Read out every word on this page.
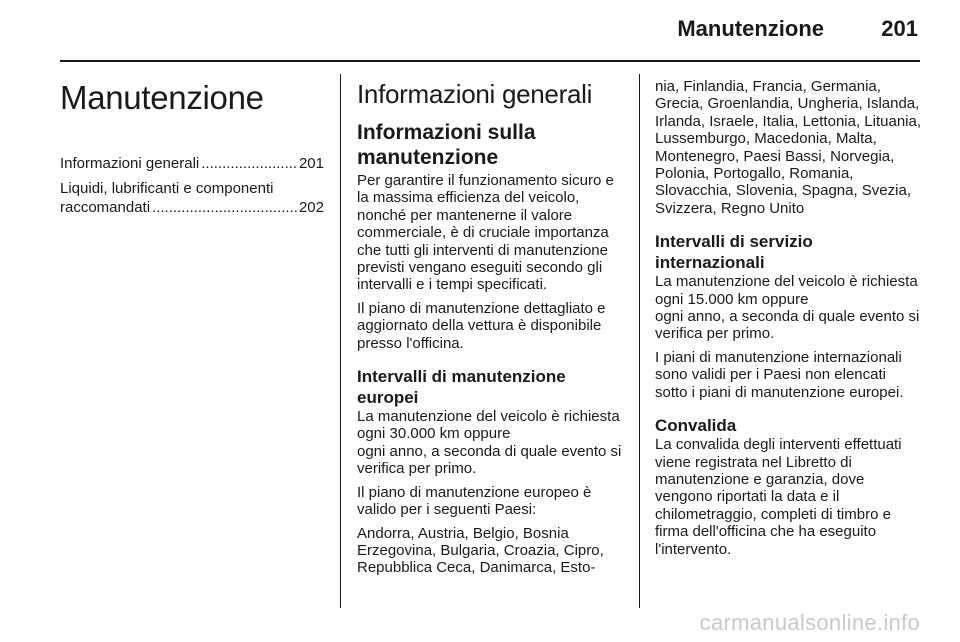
Manutenzione	201
Manutenzione
Informazioni generali .....	201
Liquidi, lubrificanti e componenti
raccomandati .....	202
Informazioni generali
Informazioni sulla manutenzione

Per garantire il funzionamento sicuro e la massima efficienza del veicolo, nonché per mantenerne il valore commerciale, è di cruciale importanza che tutti gli interventi di manutenzione previsti vengano eseguiti secondo gli intervalli e i tempi specificati.

Il piano di manutenzione dettagliato e aggiornato della vettura è disponibile presso l'officina.

Intervalli di manutenzione europei

La manutenzione del veicolo è richiesta ogni 30.000 km oppure

ogni anno, a seconda di quale evento si verifica per primo.

Il piano di manutenzione europeo è valido per i seguenti Paesi:

Andorra, Austria, Belgio, Bosnia Erzegovina, Bulgaria, Croazia, Cipro, Repubblica Ceca, Danimarca, Esto-

nia, Finlandia, Francia, Germania, Grecia, Groenlandia, Ungheria, Islanda, Irlanda, Israele, Italia, Lettonia, Lituania, Lussemburgo, Macedonia, Malta, Montenegro, Paesi Bassi, Norvegia, Polonia, Portogallo, Romania, Slovacchia, Slovenia, Spagna, Svezia, Svizzera, Regno Unito

Intervalli di servizio internazionali

La manutenzione del veicolo è richiesta ogni 15.000 km oppure

ogni anno, a seconda di quale evento si verifica per primo.

I piani di manutenzione internazionali sono validi per i Paesi non elencati sotto i piani di manutenzione europei.

Convalida

La convalida degli interventi effettuati viene registrata nel Libretto di manutenzione e garanzia, dove vengono riportati la data e il chilometraggio, completi di timbro e firma dell'officina che ha eseguito l'intervento.

carmanualsonline.info
